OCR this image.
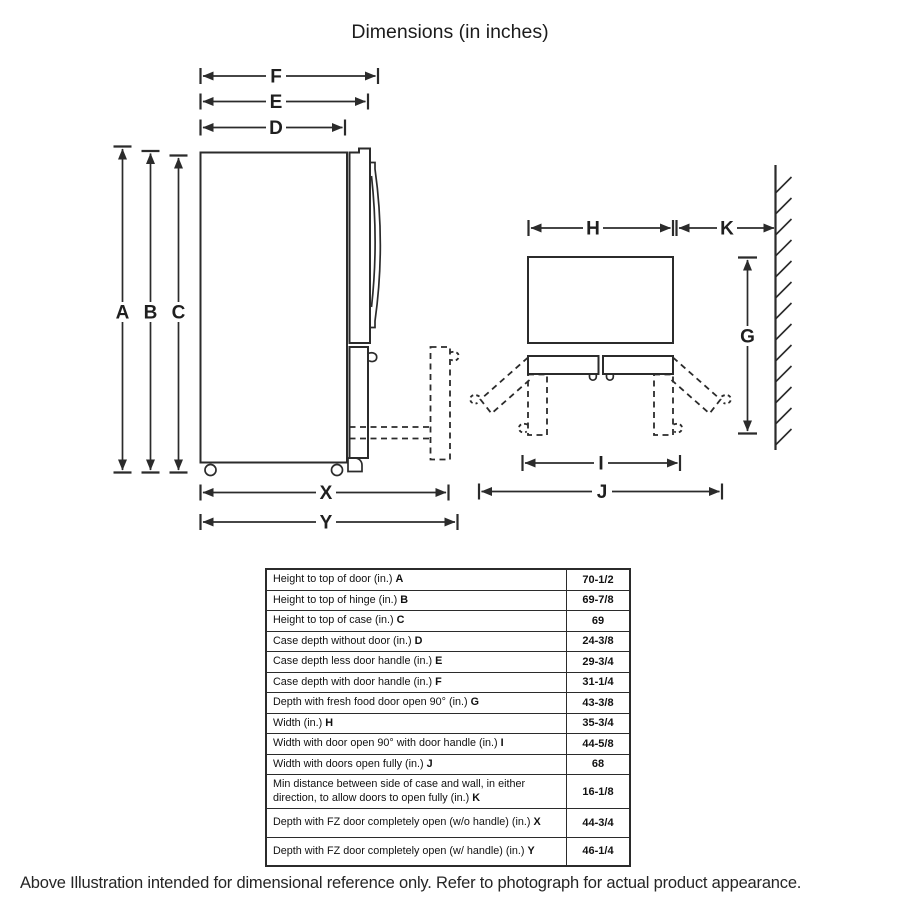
Dimensions (in inches)
F
E
D
A B C
X
Y
H	K
G
I
J
Height to top of door (in.) A	70-1/2
Height to top of hinge (in.) B	69-7/8
Height to top of case (in.) C	69
Case depth without door (in.) D	24-3/8
Case depth less door handle (in.) E	29-3/4
Case depth with door handle (in.) F	31-1/4
Depth with fresh food door open 90° (in.) G	43-3/8
Width (in.) H	35-3/4
Width with door open 90° with door handle (in.) I	44-5/8
Width with doors open fully (in.) J	68
Min distance between side of case and wall, in either direction, to allow doors to open fully (in.) K	16-1/8
Depth with FZ door completely open (w/o handle) (in.) X	44-3/4
Depth with FZ door completely open (w/ handle) (in.) Y	46-1/4
Above Illustration intended for dimensional reference only. Refer to photograph for actual product appearance.
